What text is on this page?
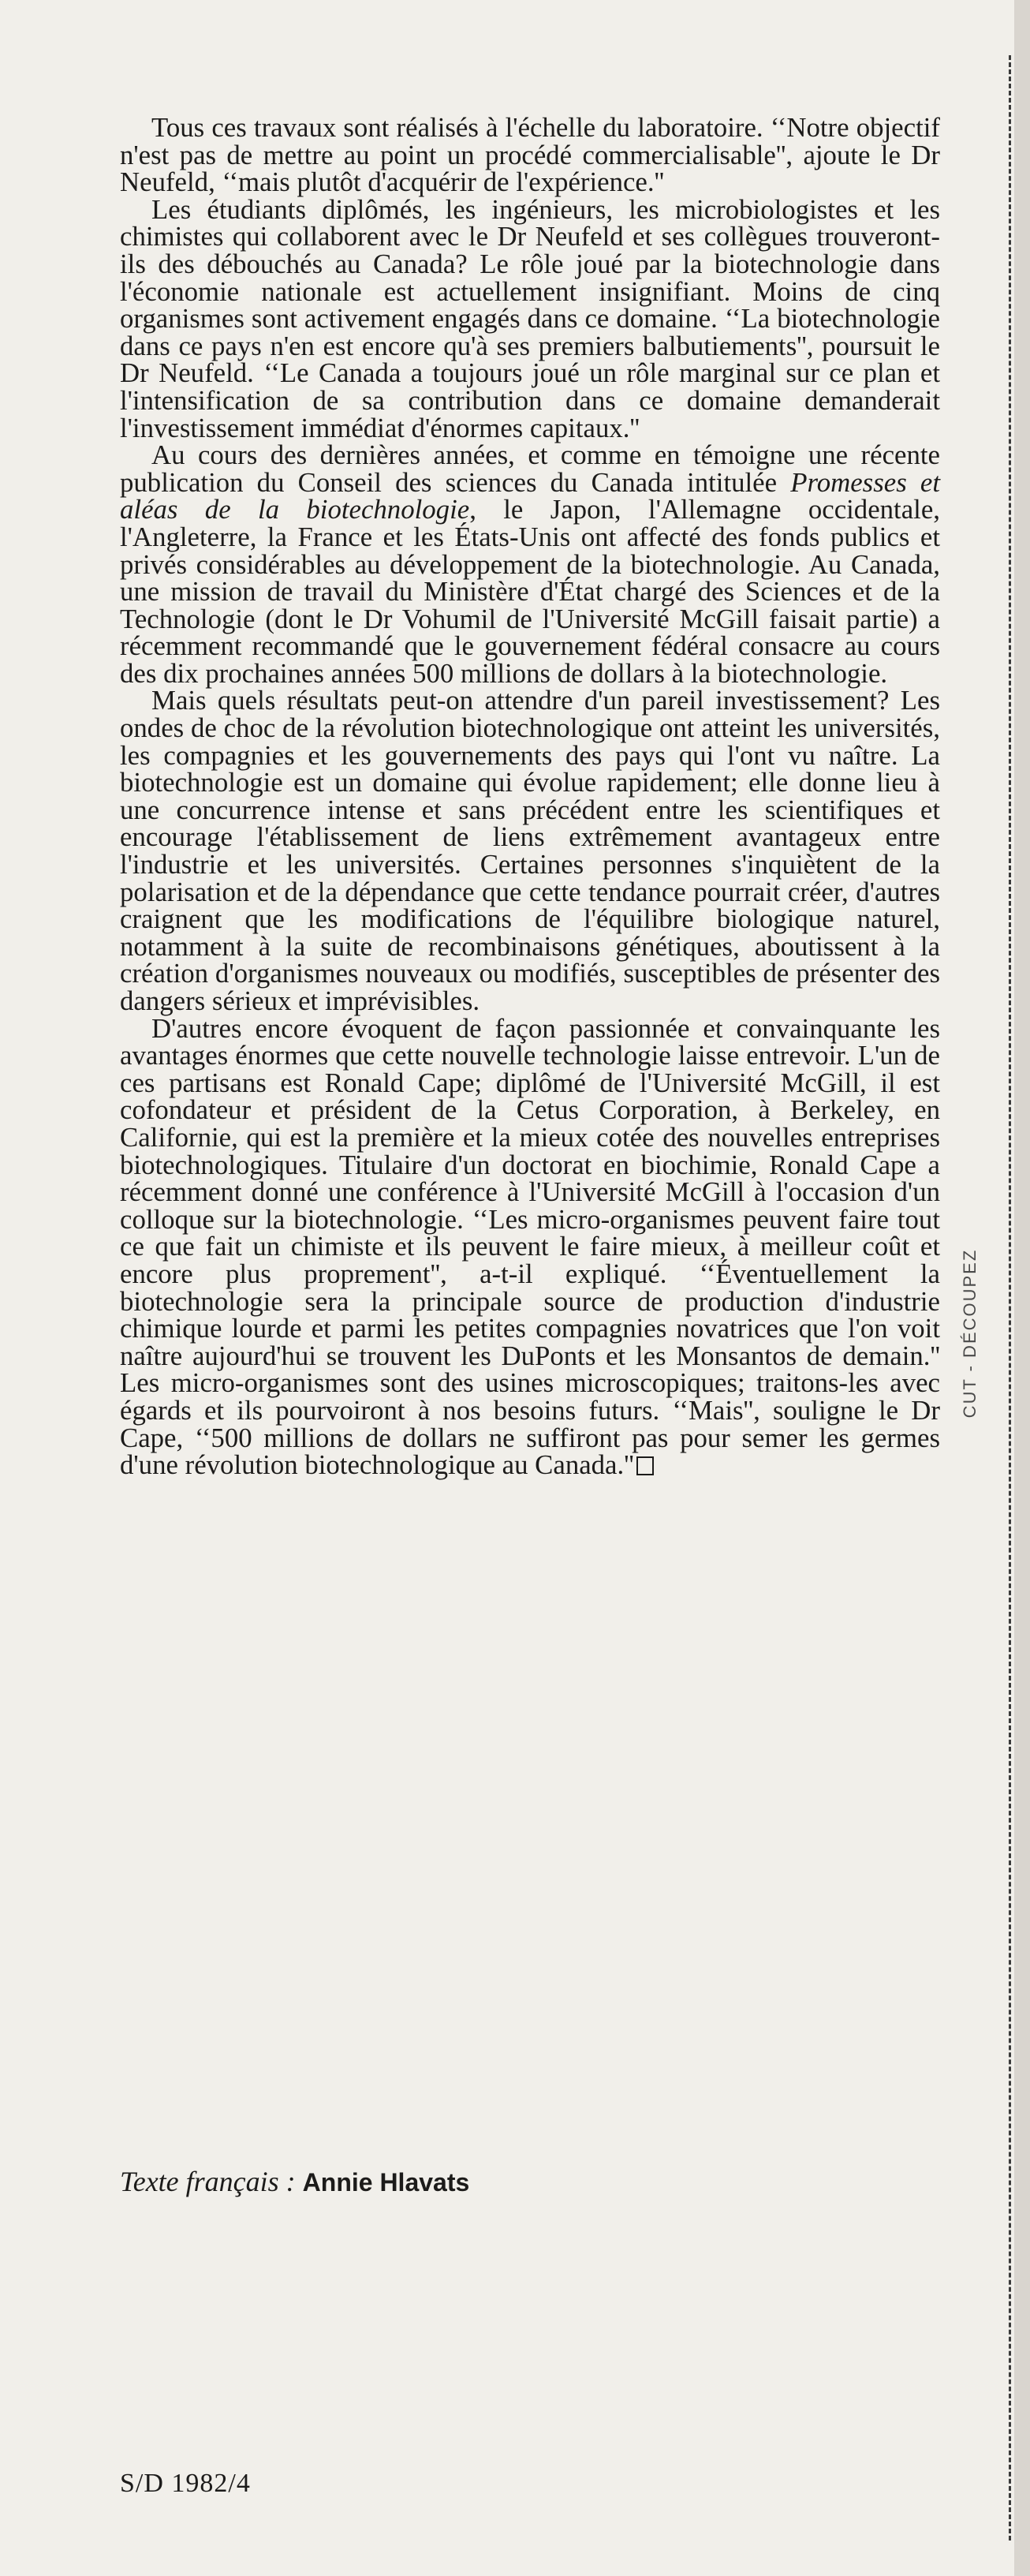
CUT - DÉCOUPEZ

Tous ces travaux sont réalisés à l'échelle du laboratoire. ‘‘Notre objectif n'est pas de mettre au point un procédé commercialisable'', ajoute le Dr Neufeld, ‘‘mais plutôt d'acquérir de l'expérience.''

Les étudiants diplômés, les ingénieurs, les microbiologistes et les chimistes qui collaborent avec le Dr Neufeld et ses collègues trouveront-ils des débouchés au Canada? Le rôle joué par la biotechnologie dans l'économie nationale est actuellement insignifiant. Moins de cinq organismes sont activement engagés dans ce domaine. ‘‘La biotechnologie dans ce pays n'en est encore qu'à ses premiers balbutiements'', poursuit le Dr Neufeld. ‘‘Le Canada a toujours joué un rôle marginal sur ce plan et l'intensification de sa contribution dans ce domaine demanderait l'investissement immédiat d'énormes capitaux.''

Au cours des dernières années, et comme en témoigne une récente publication du Conseil des sciences du Canada intitulée Promesses et aléas de la biotechnologie, le Japon, l'Allemagne occidentale, l'Angleterre, la France et les États-Unis ont affecté des fonds publics et privés considérables au développement de la biotechnologie. Au Canada, une mission de travail du Ministère d'État chargé des Sciences et de la Technologie (dont le Dr Vohumil de l'Université McGill faisait partie) a récemment recommandé que le gouvernement fédéral consacre au cours des dix prochaines années 500 millions de dollars à la biotechnologie.

Mais quels résultats peut-on attendre d'un pareil investissement? Les ondes de choc de la révolution biotechnologique ont atteint les universités, les compagnies et les gouvernements des pays qui l'ont vu naître. La biotechnologie est un domaine qui évolue rapidement; elle donne lieu à une concurrence intense et sans précédent entre les scientifiques et encourage l'établissement de liens extrêmement avantageux entre l'industrie et les universités. Certaines personnes s'inquiètent de la polarisation et de la dépendance que cette tendance pourrait créer, d'autres craignent que les modifications de l'équilibre biologique naturel, notamment à la suite de recombinaisons génétiques, aboutissent à la création d'organismes nouveaux ou modifiés, susceptibles de présenter des dangers sérieux et imprévisibles.

D'autres encore évoquent de façon passionnée et convainquante les avantages énormes que cette nouvelle technologie laisse entrevoir. L'un de ces partisans est Ronald Cape; diplômé de l'Université McGill, il est cofondateur et président de la Cetus Corporation, à Berkeley, en Californie, qui est la première et la mieux cotée des nouvelles entreprises biotechnologiques. Titulaire d'un doctorat en biochimie, Ronald Cape a récemment donné une conférence à l'Université McGill à l'occasion d'un colloque sur la biotechnologie. ‘‘Les micro-organismes peuvent faire tout ce que fait un chimiste et ils peuvent le faire mieux, à meilleur coût et encore plus proprement'', a-t-il expliqué. ‘‘Éventuellement la biotechnologie sera la principale source de production d'industrie chimique lourde et parmi les petites compagnies novatrices que l'on voit naître aujourd'hui se trouvent les DuPonts et les Monsantos de demain.'' Les micro-organismes sont des usines microscopiques; traitons-les avec égards et ils pourvoiront à nos besoins futurs. ‘‘Mais'', souligne le Dr Cape, ‘‘500 millions de dollars ne suffiront pas pour semer les germes d'une révolution biotechnologique au Canada.''

Texte français : Annie Hlavats
S/D 1982/4
